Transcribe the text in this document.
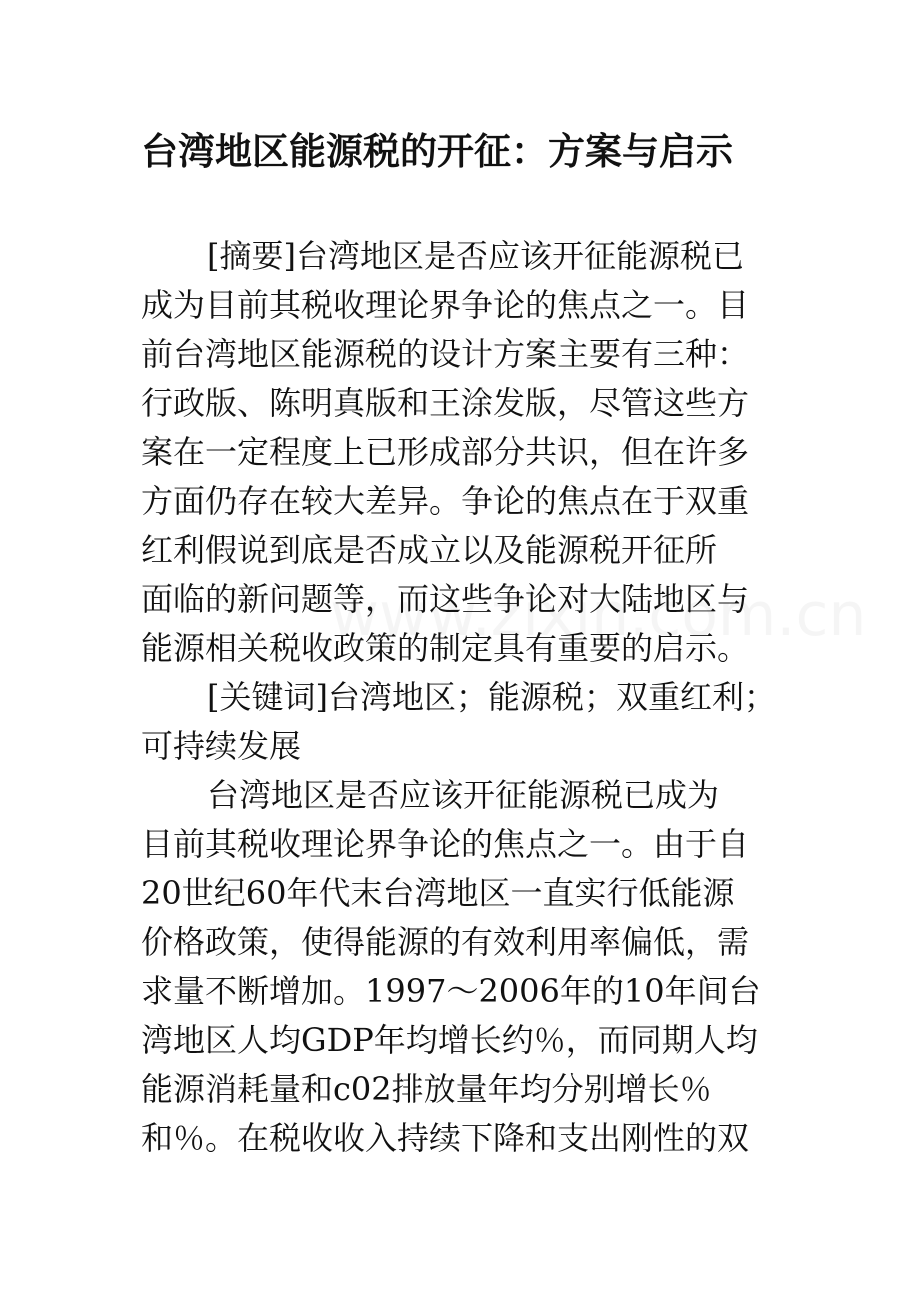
台湾地区能源税的开征：方案与启示
[摘要]台湾地区是否应该开征能源税已
成为目前其税收理论界争论的焦点之一。目
前台湾地区能源税的设计方案主要有三种：
行政版、陈明真版和王涂发版，尽管这些方
案在一定程度上已形成部分共识，但在许多
方面仍存在较大差异。争论的焦点在于双重
红利假说到底是否成立以及能源税开征所
面临的新问题等，而这些争论对大陆地区与
能源相关税收政策的制定具有重要的启示。
[关键词]台湾地区；能源税；双重红利；
可持续发展
台湾地区是否应该开征能源税已成为
目前其税收理论界争论的焦点之一。由于自
20世纪60年代末台湾地区一直实行低能源
价格政策，使得能源的有效利用率偏低，需
求量不断增加。1997～2006年的10年间台
湾地区人均GDP年均增长约％，而同期人均
能源消耗量和c02排放量年均分别增长％
和％。在税收收入持续下降和支出刚性的双
